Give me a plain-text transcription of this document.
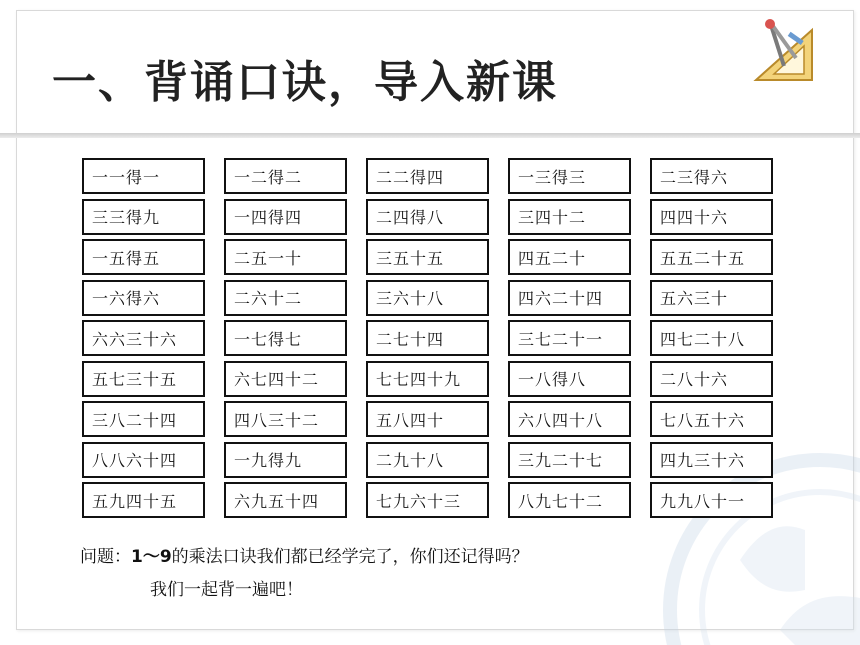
一、背诵口诀，导入新课
一一得一	一二得二	二二得四	一三得三	二三得六
三三得九	一四得四	二四得八	三四十二	四四十六
一五得五	二五一十	三五十五	四五二十	五五二十五
一六得六	二六十二	三六十八	四六二十四	五六三十
六六三十六	一七得七	二七十四	三七二十一	四七二十八
五七三十五	六七四十二	七七四十九	一八得八	二八十六
三八二十四	四八三十二	五八四十	六八四十八	七八五十六
八八六十四	一九得九	二九十八	三九二十七	四九三十六
五九四十五	六九五十四	七九六十三	八九七十二	九九八十一
问题：1～9的乘法口诀我们都已经学完了，你们还记得吗？
我们一起背一遍吧！
